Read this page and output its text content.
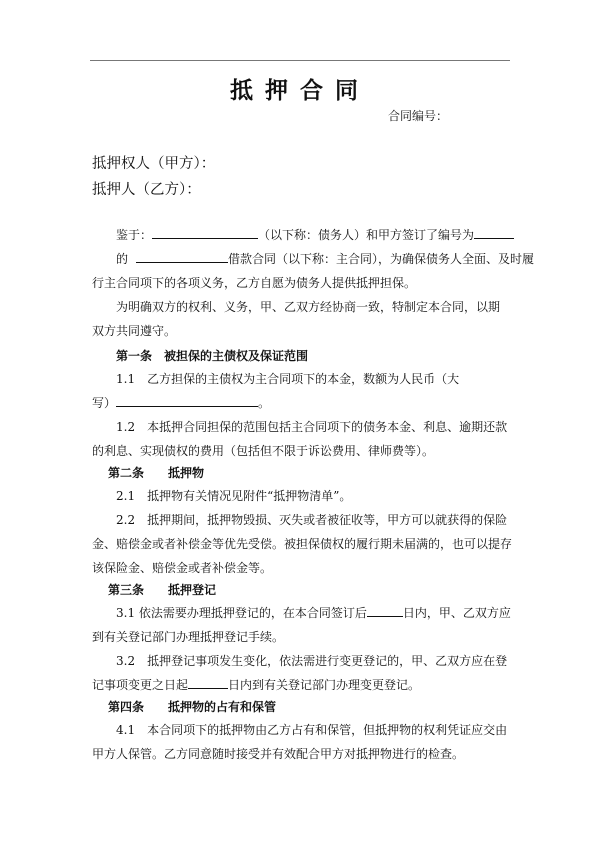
抵押合同
合同编号：
抵押权人（甲方）：
抵押人（乙方）：
鉴于：	（以下称：债务人）和甲方签订了编号为
的	借款合同（以下称：主合同），为确保债务人全面、及时履
行主合同项下的各项义务，乙方自愿为债务人提供抵押担保。
为明确双方的权利、义务，甲、乙双方经协商一致，特制定本合同，以期
双方共同遵守。
第一条　被担保的主债权及保证范围
1.1　乙方担保的主债权为主合同项下的本金，数额为人民币（大
写）	。
1.2　本抵押合同担保的范围包括主合同项下的债务本金、利息、逾期还款
的利息、实现债权的费用（包括但不限于诉讼费用、律师费等）。
第二条　　抵押物
2.1　抵押物有关情况见附件“抵押物清单”。
2.2　抵押期间，抵押物毁损、灭失或者被征收等，甲方可以就获得的保险
金、赔偿金或者补偿金等优先受偿。被担保债权的履行期未届满的，也可以提存
该保险金、赔偿金或者补偿金等。
第三条　　抵押登记
3.1 依法需要办理抵押登记的，在本合同签订后	日内，甲、乙双方应
到有关登记部门办理抵押登记手续。
3.2　抵押登记事项发生变化，依法需进行变更登记的，甲、乙双方应在登
记事项变更之日起	日内到有关登记部门办理变更登记。
第四条　　抵押物的占有和保管
4.1　本合同项下的抵押物由乙方占有和保管，但抵押物的权利凭证应交由
甲方人保管。乙方同意随时接受并有效配合甲方对抵押物进行的检查。
